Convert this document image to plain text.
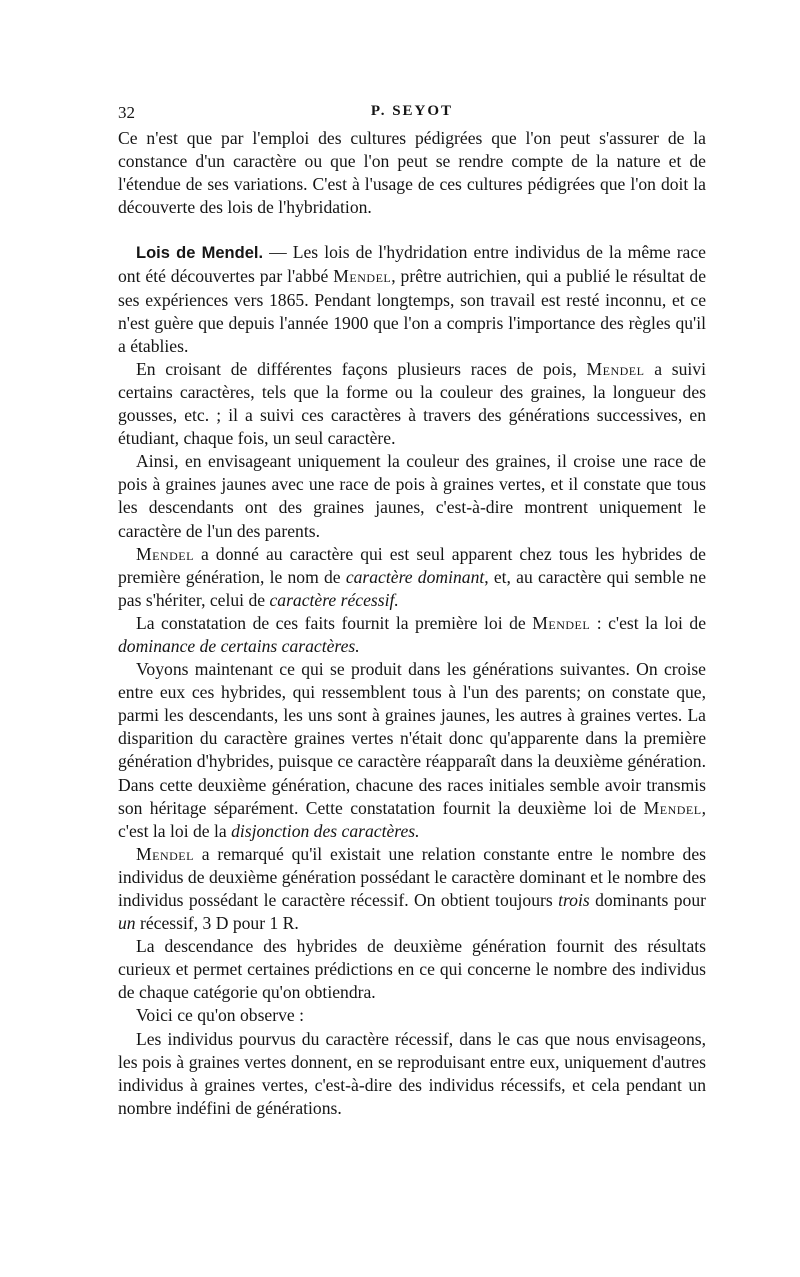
32	P. SEYOT

Ce n'est que par l'emploi des cultures pédigrées que l'on peut s'assurer de la constance d'un caractère ou que l'on peut se rendre compte de la nature et de l'étendue de ses variations. C'est à l'usage de ces cultures pédigrées que l'on doit la découverte des lois de l'hybridation.

Lois de Mendel. — Les lois de l'hydridation entre individus de la même race ont été découvertes par l'abbé Mendel, prêtre autrichien, qui a publié le résultat de ses expériences vers 1865. Pendant longtemps, son travail est resté inconnu, et ce n'est guère que depuis l'année 1900 que l'on a compris l'importance des règles qu'il a établies.

En croisant de différentes façons plusieurs races de pois, Mendel a suivi certains caractères, tels que la forme ou la couleur des graines, la longueur des gousses, etc. ; il a suivi ces caractères à travers des générations successives, en étudiant, chaque fois, un seul caractère.

Ainsi, en envisageant uniquement la couleur des graines, il croise une race de pois à graines jaunes avec une race de pois à graines vertes, et il constate que tous les descendants ont des graines jaunes, c'est-à-dire montrent uniquement le caractère de l'un des parents.

Mendel a donné au caractère qui est seul apparent chez tous les hybrides de première génération, le nom de caractère dominant, et, au caractère qui semble ne pas s'hériter, celui de caractère récessif.

La constatation de ces faits fournit la première loi de Mendel : c'est la loi de dominance de certains caractères.

Voyons maintenant ce qui se produit dans les générations suivantes. On croise entre eux ces hybrides, qui ressemblent tous à l'un des parents; on constate que, parmi les descendants, les uns sont à graines jaunes, les autres à graines vertes. La disparition du caractère graines vertes n'était donc qu'apparente dans la première génération d'hybrides, puisque ce caractère réapparaît dans la deuxième génération. Dans cette deuxième génération, chacune des races initiales semble avoir transmis son héritage séparément. Cette constatation fournit la deuxième loi de Mendel, c'est la loi de la disjonction des caractères.

Mendel a remarqué qu'il existait une relation constante entre le nombre des individus de deuxième génération possédant le caractère dominant et le nombre des individus possédant le caractère récessif. On obtient toujours trois dominants pour un récessif, 3 D pour 1 R.

La descendance des hybrides de deuxième génération fournit des résultats curieux et permet certaines prédictions en ce qui concerne le nombre des individus de chaque catégorie qu'on obtiendra.

Voici ce qu'on observe :

Les individus pourvus du caractère récessif, dans le cas que nous envisageons, les pois à graines vertes donnent, en se reproduisant entre eux, uniquement d'autres individus à graines vertes, c'est-à-dire des individus récessifs, et cela pendant un nombre indéfini de générations.
